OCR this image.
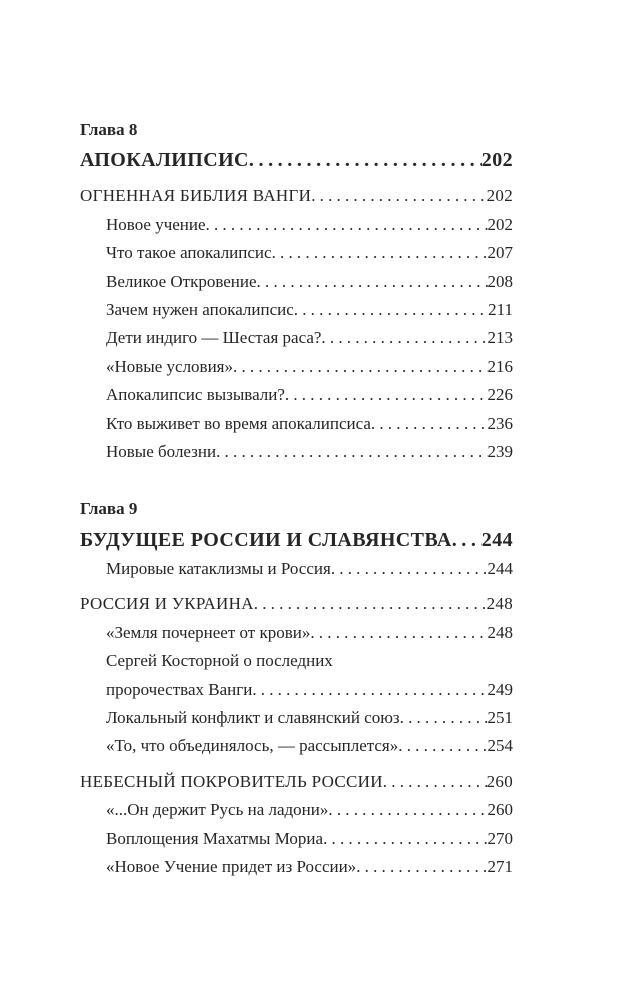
Глава 8
АПОКАЛИПСИС .....	202
ОГНЕННАЯ БИБЛИЯ ВАНГИ .....	202
Новое учение .....	202
Что такое апокалипсис .....	207
Великое Откровение .....	208
Зачем нужен апокалипсис .....	211
Дети индиго — Шестая раса? .....	213
«Новые условия» .....	216
Апокалипсис вызывали? .....	226
Кто выживет во время апокалипсиса .....	236
Новые болезни .....	239
Глава 9
БУДУЩЕЕ РОССИИ И СЛАВЯНСТВА ..... 244
Мировые катаклизмы и Россия .....	244
РОССИЯ И УКРАИНА .....	248
«Земля почернеет от крови» .....	248
Сергей Косторной о последних
пророчествах Ванги .....	249
Локальный конфликт и славянский союз .....	251
«То, что объединялось, — рассыплется» .....	254
НЕБЕСНЫЙ ПОКРОВИТЕЛЬ РОССИИ .....	260
«...Он держит Русь на ладони» .....	260
Воплощения Махатмы Мориа .....	270
«Новое Учение придет из России» .....	271
